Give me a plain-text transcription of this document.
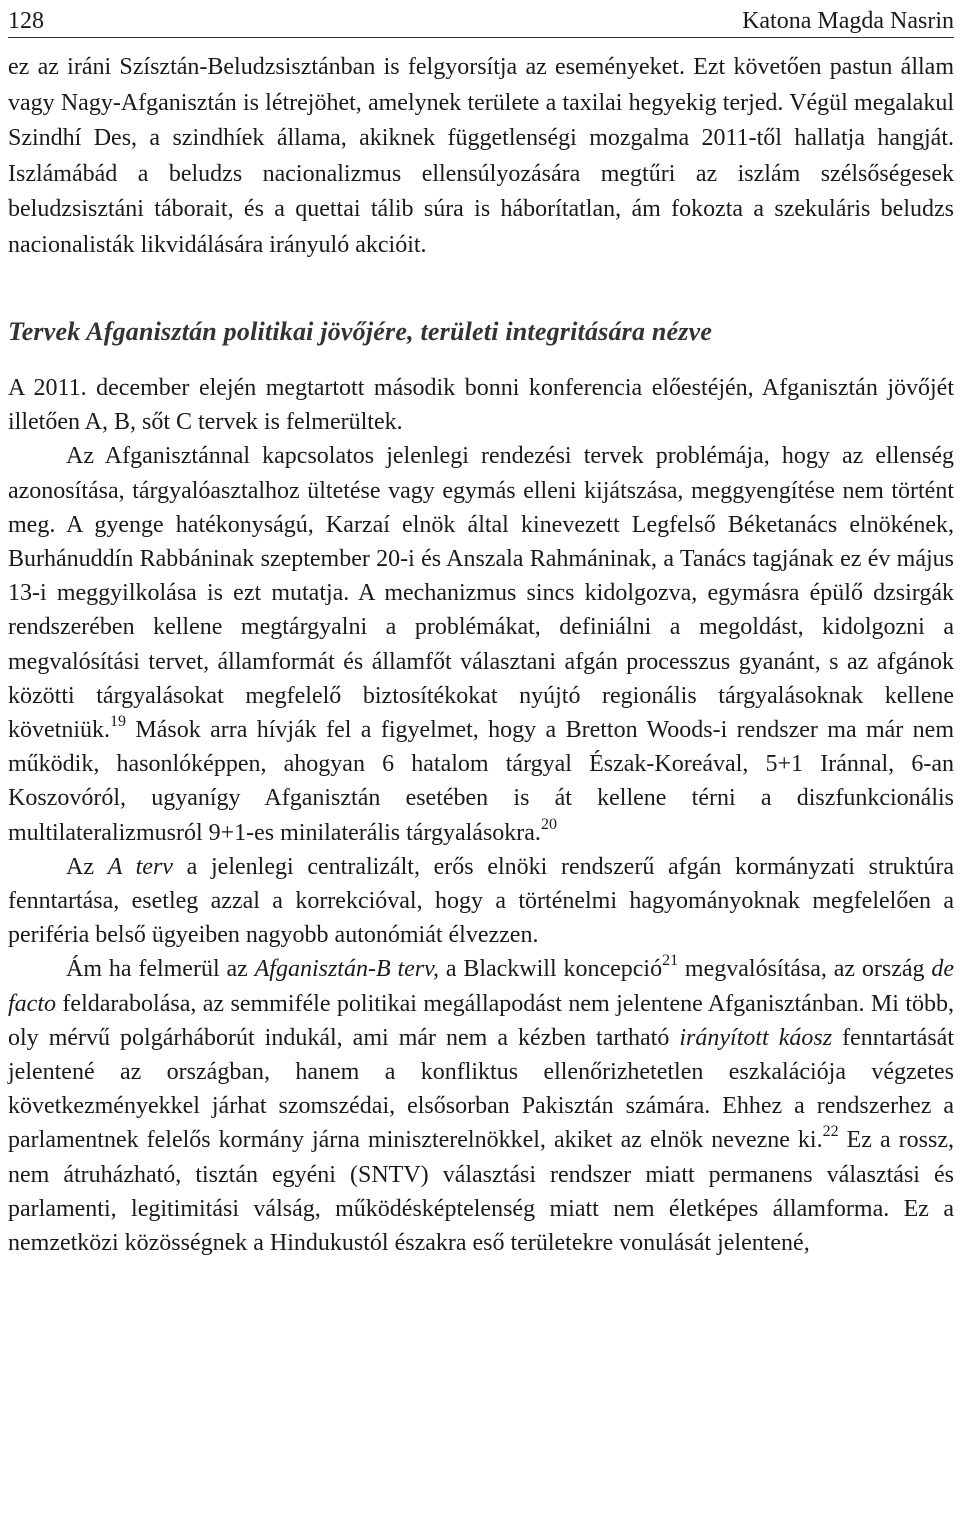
128	Katona Magda Nasrin

ez az iráni Szísztán-Beludzsisztánban is felgyorsítja az eseményeket. Ezt követően pastun állam vagy Nagy-Afganisztán is létrejöhet, amelynek területe a taxilai hegyekig terjed. Végül megalakul Szindhí Des, a szindhíek állama, akiknek függetlenségi mozgalma 2011-től hallatja hangját. Iszlámábád a beludzs nacionalizmus ellensúlyozására megtűri az iszlám szélsőségesek beludzsisztáni táborait, és a quettai tálib súra is háborítatlan, ám fokozta a szekuláris beludzs nacionalisták likvidálására irányuló akcióit.

Tervek Afganisztán politikai jövőjére, területi integritására nézve

A 2011. december elején megtartott második bonni konferencia előestéjén, Afganisztán jövőjét illetően A, B, sőt C tervek is felmerültek.

Az Afganisztánnal kapcsolatos jelenlegi rendezési tervek problémája, hogy az ellenség azonosítása, tárgyalóasztalhoz ültetése vagy egymás elleni kijátszása, meggyengítése nem történt meg. A gyenge hatékonyságú, Karzaí elnök által kinevezett Legfelső Béketanács elnökének, Burhánuddín Rabbáninak szeptember 20-i és Anszala Rahmáninak, a Tanács tagjának ez év május 13-i meggyilkolása is ezt mutatja. A mechanizmus sincs kidolgozva, egymásra épülő dzsirgák rendszerében kellene megtárgyalni a problémákat, definiálni a megoldást, kidolgozni a megvalósítási tervet, államformát és államfőt választani afgán processzus gyanánt, s az afgánok közötti tárgyalásokat megfelelő biztosítékokat nyújtó regionális tárgyalásoknak kellene követniük.$^{19}$ Mások arra hívják fel a figyelmet, hogy a Bretton Woods-i rendszer ma már nem működik, hasonlóképpen, ahogyan 6 hatalom tárgyal Észak-Koreával, 5+1 Iránnal, 6-an Koszovóról, ugyanígy Afganisztán esetében is át kellene térni a diszfunkcionális multilateralizmusról 9+1-es minilaterális tárgyalásokra.$^{20}$

Az A terv a jelenlegi centralizált, erős elnöki rendszerű afgán kormányzati struktúra fenntartása, esetleg azzal a korrekcióval, hogy a történelmi hagyományoknak megfelelően a periféria belső ügyeiben nagyobb autonómiát élvezzen.

Ám ha felmerül az Afganisztán-B terv, a Blackwill koncepció$^{21}$ megvalósítása, az ország de facto feldarabolása, az semmiféle politikai megállapodást nem jelentene Afganisztánban. Mi több, oly mérvű polgárháborút indukál, ami már nem a kézben tartható irányított káosz fenntartását jelentené az országban, hanem a konfliktus ellenőrizhetetlen eszkalációja végzetes következményekkel járhat szomszédai, elsősorban Pakisztán számára. Ehhez a rendszerhez a parlamentnek felelős kormány járna miniszterelnökkel, akiket az elnök nevezne ki.$^{22}$ Ez a rossz, nem átruházható, tisztán egyéni (SNTV) választási rendszer miatt permanens választási és parlamenti, legitimitási válság, működésképtelenség miatt nem életképes államforma. Ez a nemzetközi közösségnek a Hindukustól északra eső területekre vonulását jelentené,
